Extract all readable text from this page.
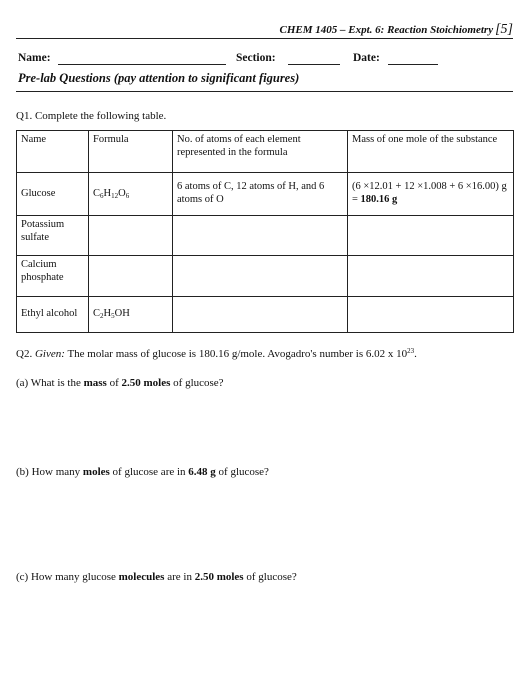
CHEM 1405 – Expt. 6: Reaction Stoichiometry [5]
Name:	Section:	Date:
Pre-lab Questions (pay attention to significant figures)
Q1. Complete the following table.
Name	Formula	No. of atoms of each element represented in the formula	Mass of one mole of the substance
Glucose	$C_6H_{12}O_6$	6 atoms of C, 12 atoms of H, and 6 atoms of O	(6 ×12.01 + 12 ×1.008 + 6 ×16.00) g = 180.16 g
Potassium sulfate			
Calcium phosphate			
Ethyl alcohol	$C_2H_5OH$		
Q2. Given: The molar mass of glucose is 180.16 g/mole. Avogadro's number is 6.02 x $10^{23}$.
(a) What is the mass of 2.50 moles of glucose?
(b) How many moles of glucose are in 6.48 g of glucose?
(c) How many glucose molecules are in 2.50 moles of glucose?
